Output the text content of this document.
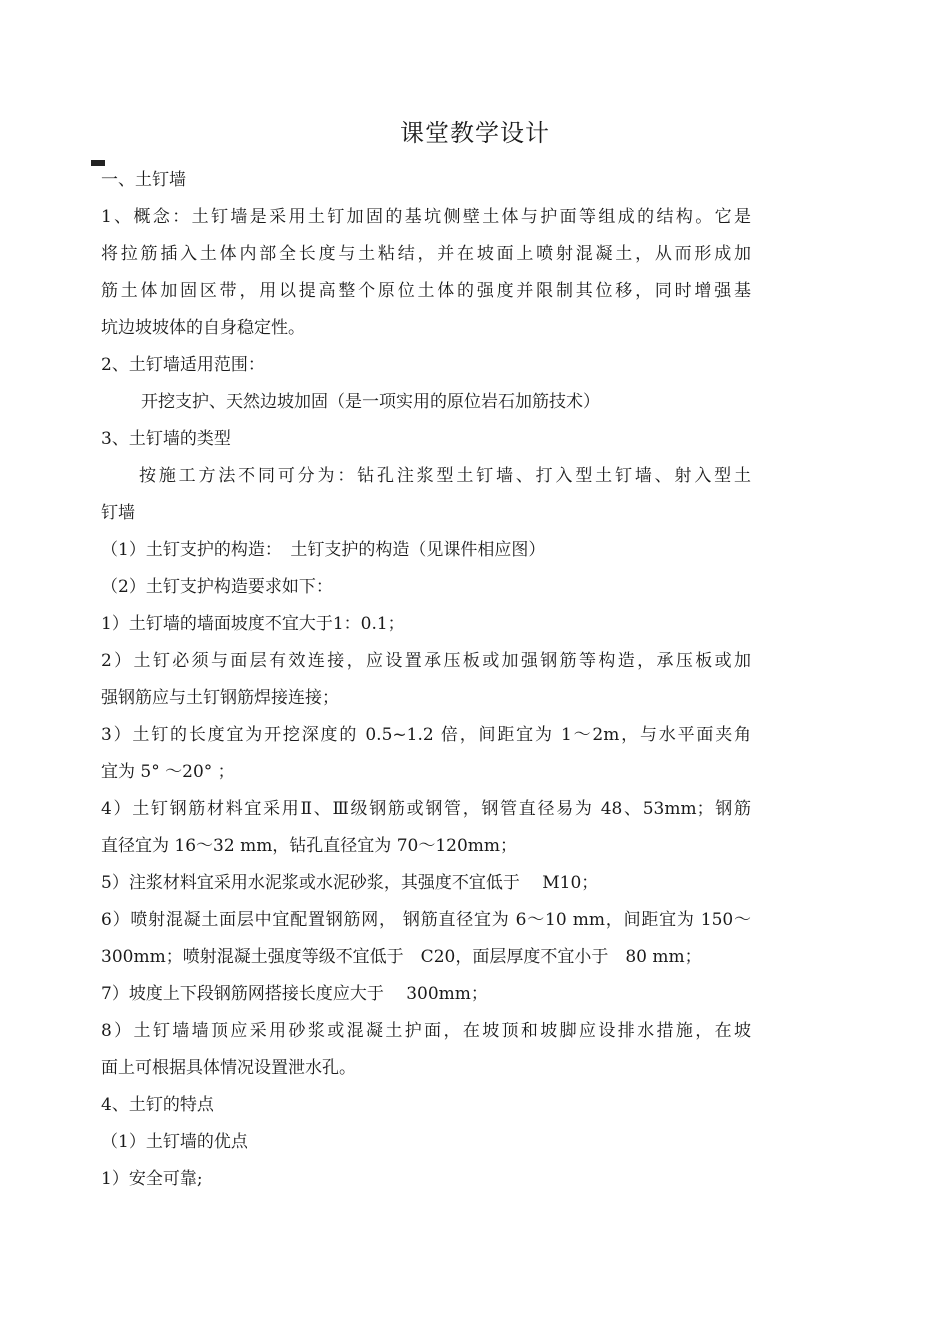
课堂教学设计
一、土钉墙
1、概念：土钉墙是采用土钉加固的基坑侧壁土体与护面等组成的结构。它是
将拉筋插入土体内部全长度与土粘结，并在坡面上喷射混凝土，从而形成加
筋土体加固区带，用以提高整个原位土体的强度并限制其位移，同时增强基
坑边坡坡体的自身稳定性。
2、土钉墙适用范围：
开挖支护、天然边坡加固（是一项实用的原位岩石加筋技术）
3、土钉墙的类型
按施工方法不同可分为：钻孔注浆型土钉墙、打入型土钉墙、射入型土
钉墙
（1）土钉支护的构造：　土钉支护的构造（见课件相应图）
（2）土钉支护构造要求如下：
1）土钉墙的墙面坡度不宜大于1：0.1；
2）土钉必须与面层有效连接，应设置承压板或加强钢筋等构造，承压板或加
强钢筋应与土钉钢筋焊接连接；
3）土钉的长度宜为开挖深度的 0.5~1.2 倍，间距宜为 1～2m，与水平面夹角
宜为 5° ～20° ；
4）土钉钢筋材料宜采用Ⅱ、Ⅲ级钢筋或钢管，钢管直径易为 48、53mm；钢筋
直径宜为 16～32 mm，钻孔直径宜为 70～120mm；
5）注浆材料宜采用水泥浆或水泥砂浆，其强度不宜低于　 M10；
6）喷射混凝土面层中宜配置钢筋网， 钢筋直径宜为 6～10 mm，间距宜为 150～
300mm；喷射混凝土强度等级不宜低于　C20，面层厚度不宜小于　80 mm；
7）坡度上下段钢筋网搭接长度应大于　 300mm；
8）土钉墙墙顶应采用砂浆或混凝土护面，在坡顶和坡脚应设排水措施，在坡
面上可根据具体情况设置泄水孔。
4、土钉的特点
（1）土钉墙的优点
1）安全可靠;
